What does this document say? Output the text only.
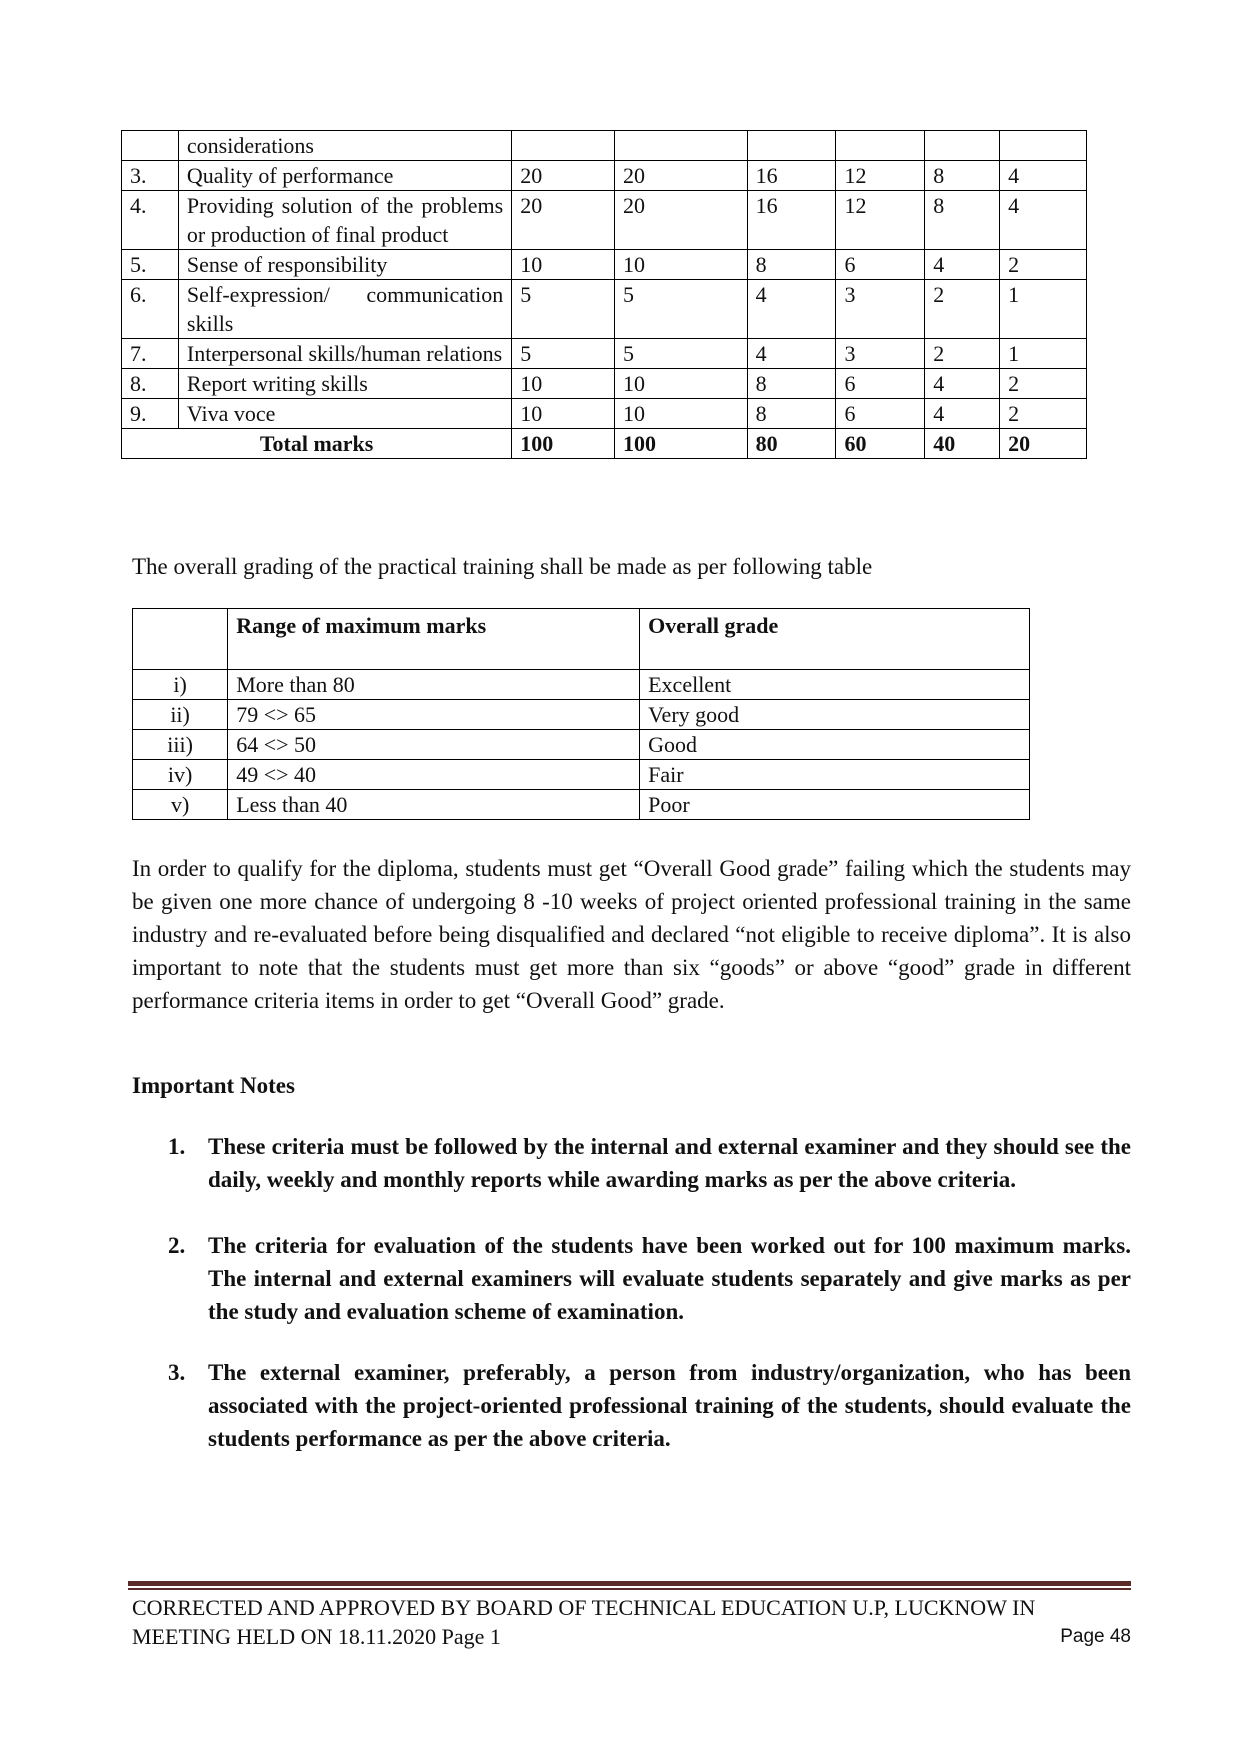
	considerations						
3.	Quality of performance	20	20	16	12	8	4
4.	Providing solution of the problems or production of final product	20	20	16	12	8	4
5.	Sense of responsibility	10	10	8	6	4	2
6.	Self-expression/ communication skills	5	5	4	3	2	1
7.	Interpersonal skills/human relations	5	5	4	3	2	1
8.	Report writing skills	10	10	8	6	4	2
9.	Viva voce	10	10	8	6	4	2
Total marks		100	100	80	60	40	20
The overall grading of the practical training shall be made as per following table
	Range of maximum marks	Overall grade
i)	More than 80	Excellent
ii)	79 <> 65	Very good
iii)	64 <> 50	Good
iv)	49 <> 40	Fair
v)	Less than 40	Poor
In order to qualify for the diploma, students must get “Overall Good grade” failing which the students may be given one more chance of undergoing 8 -10 weeks of project oriented professional training in the same industry and re-evaluated before being disqualified and declared “not eligible to receive diploma”. It is also important to note that the students must get more than six “goods” or above “good” grade in different performance criteria items in order to get “Overall Good” grade.
Important Notes
1. These criteria must be followed by the internal and external examiner and they should see the daily, weekly and monthly reports while awarding marks as per the above criteria.
2. The criteria for evaluation of the students have been worked out for 100 maximum marks. The internal and external examiners will evaluate students separately and give marks as per the study and evaluation scheme of examination.
3. The external examiner, preferably, a person from industry/organization, who has been associated with the project-oriented professional training of the students, should evaluate the students performance as per the above criteria.
CORRECTED AND APPROVED BY BOARD OF TECHNICAL EDUCATION U.P, LUCKNOW IN
MEETING HELD ON 18.11.2020 Page 1	Page 48
